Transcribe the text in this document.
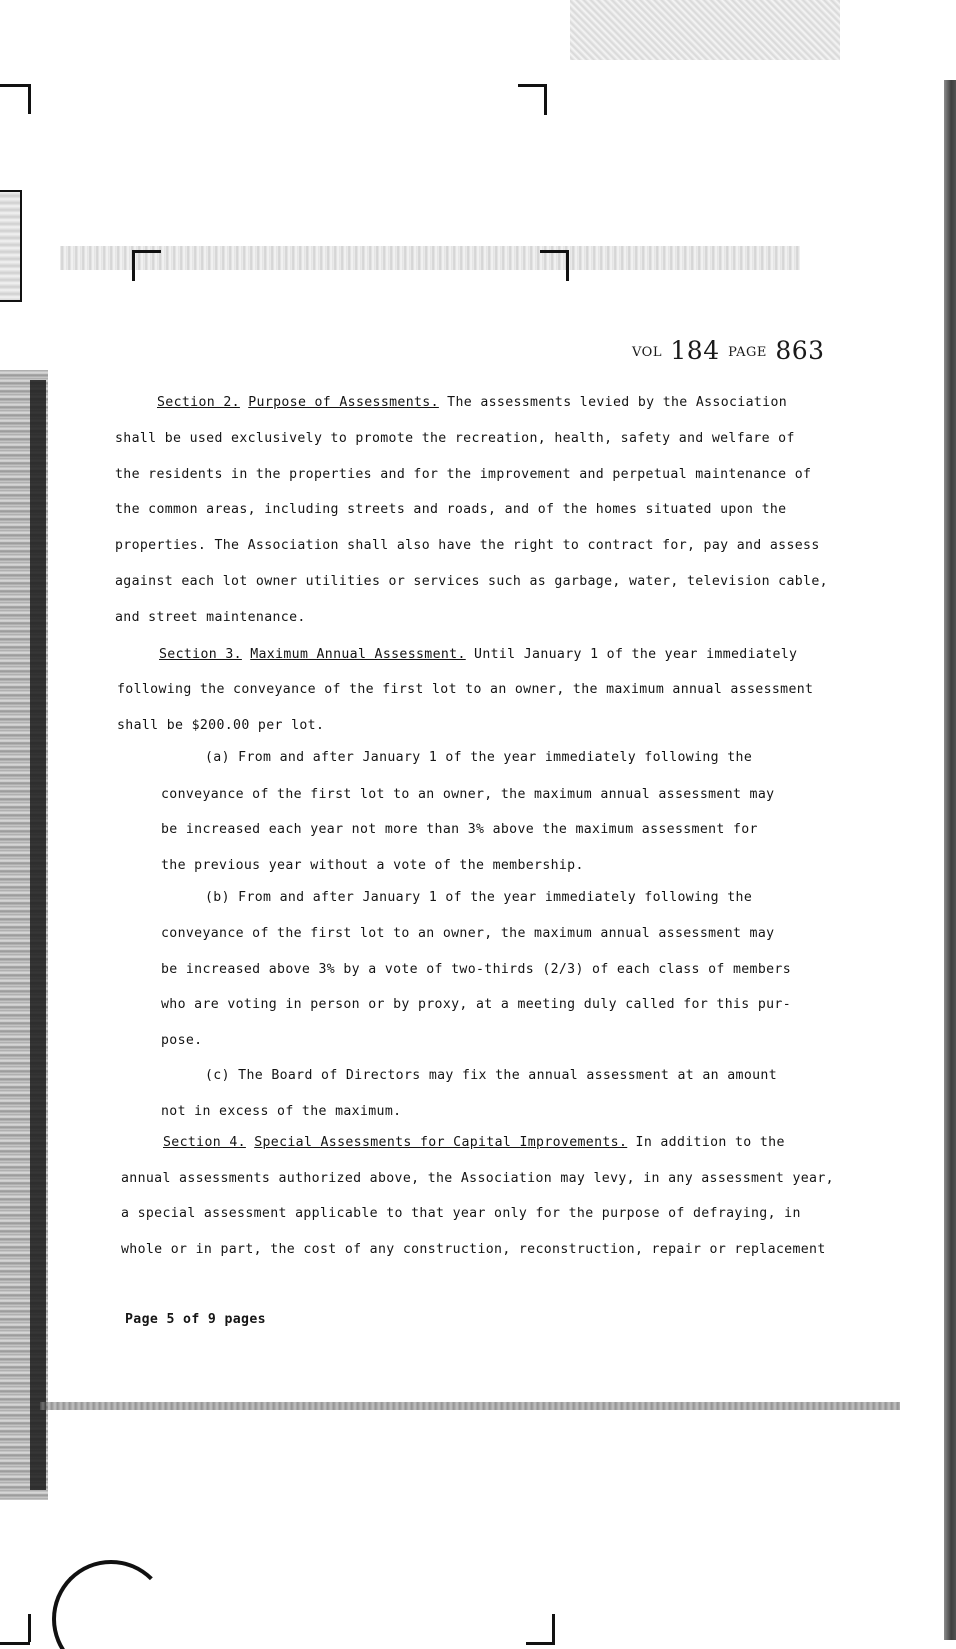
VOL 184 PAGE 863
Section 2. Purpose of Assessments. The assessments levied by the Association
shall be used exclusively to promote the recreation, health, safety and welfare of
the residents in the properties and for the improvement and perpetual maintenance of
the common areas, including streets and roads, and of the homes situated upon the
properties. The Association shall also have the right to contract for, pay and assess
against each lot owner utilities or services such as garbage, water, television cable,
and street maintenance.
Section 3. Maximum Annual Assessment. Until January 1 of the year immediately
following the conveyance of the first lot to an owner, the maximum annual assessment
shall be $200.00 per lot.
(a) From and after January 1 of the year immediately following the
conveyance of the first lot to an owner, the maximum annual assessment may
be increased each year not more than 3% above the maximum assessment for
the previous year without a vote of the membership.
(b) From and after January 1 of the year immediately following the
conveyance of the first lot to an owner, the maximum annual assessment may
be increased above 3% by a vote of two-thirds (2/3) of each class of members
who are voting in person or by proxy, at a meeting duly called for this pur-
pose.
(c) The Board of Directors may fix the annual assessment at an amount
not in excess of the maximum.
Section 4. Special Assessments for Capital Improvements. In addition to the
annual assessments authorized above, the Association may levy, in any assessment year,
a special assessment applicable to that year only for the purpose of defraying, in
whole or in part, the cost of any construction, reconstruction, repair or replacement
Page 5 of 9 pages
